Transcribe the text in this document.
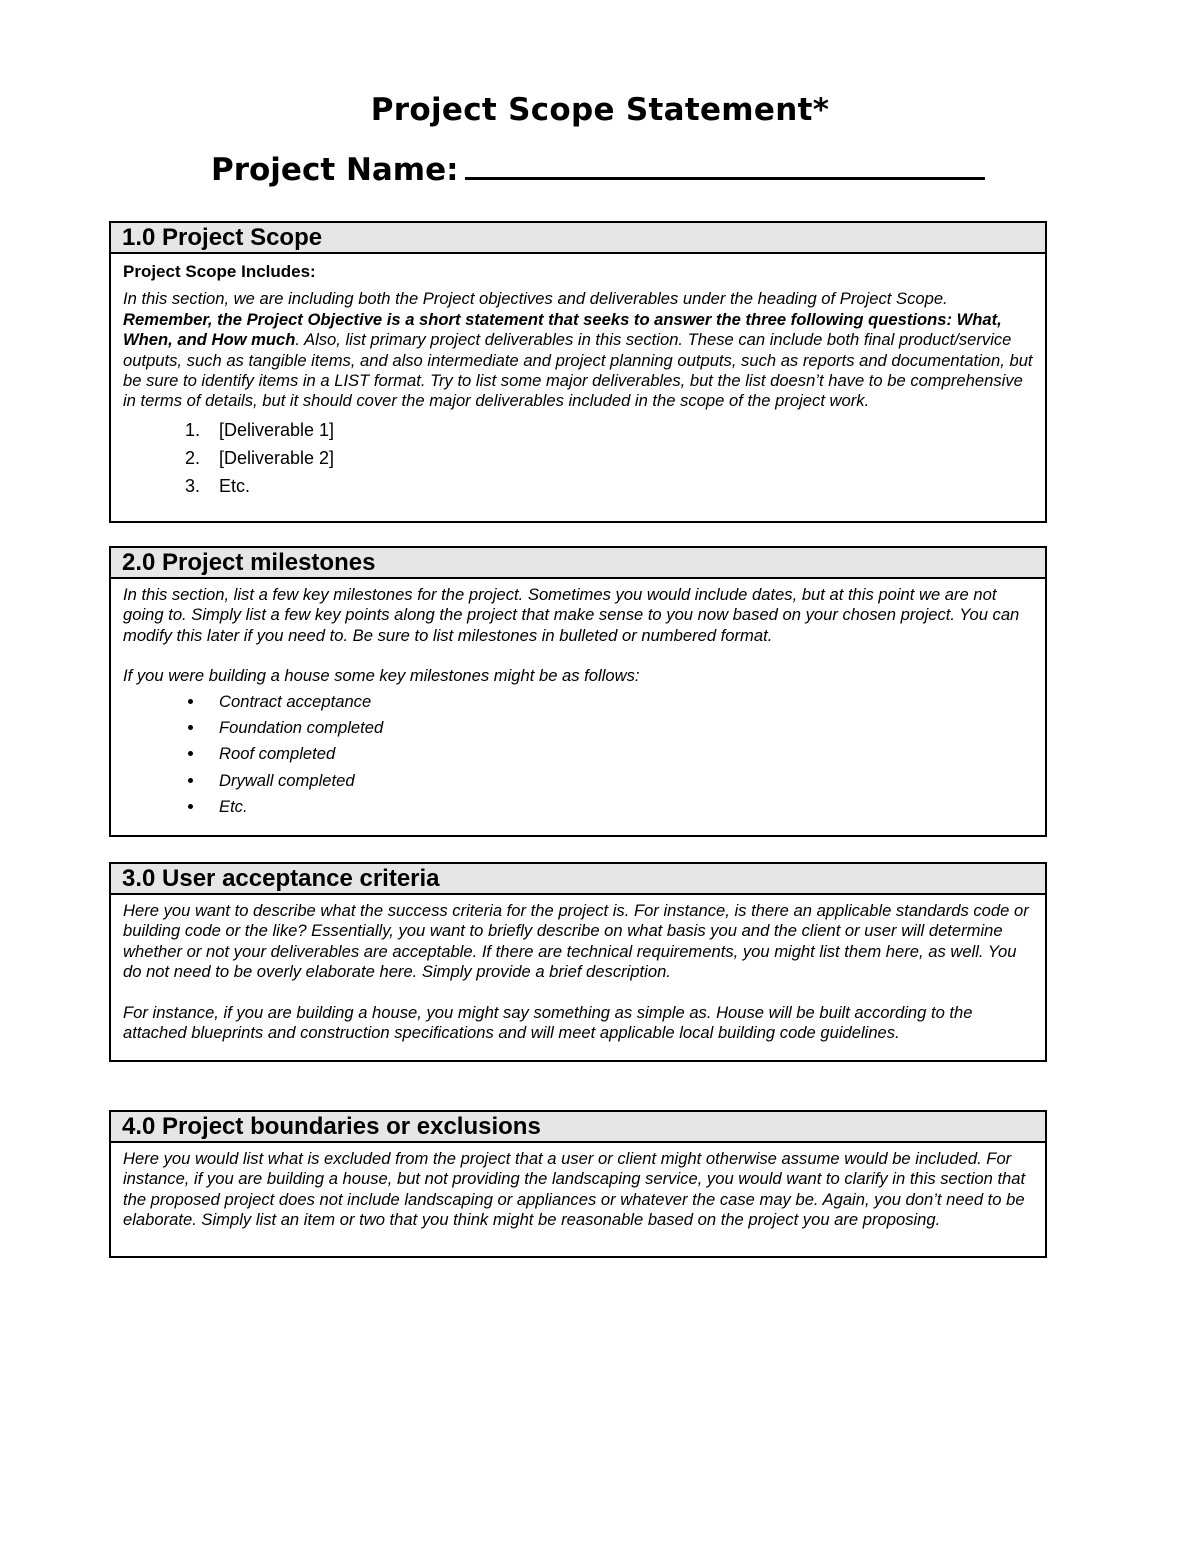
Project Scope Statement*
Project Name:
1.0 Project Scope
Project Scope Includes:
In this section, we are including both the Project objectives and deliverables under the heading of Project Scope.
Remember, the Project Objective is a short statement that seeks to answer the three following questions: What, When, and How much. Also, list primary project deliverables in this section. These can include both final product/service outputs, such as tangible items, and also intermediate and project planning outputs, such as reports and documentation, but be sure to identify items in a LIST format. Try to list some major deliverables, but the list doesn’t have to be comprehensive in terms of details, but it should cover the major deliverables included in the scope of the project work.
1. [Deliverable 1]
2. [Deliverable 2]
3. Etc.
2.0 Project milestones
In this section, list a few key milestones for the project. Sometimes you would include dates, but at this point we are not going to. Simply list a few key points along the project that make sense to you now based on your chosen project. You can modify this later if you need to. Be sure to list milestones in bulleted or numbered format.
If you were building a house some key milestones might be as follows:
• Contract acceptance
• Foundation completed
• Roof completed
• Drywall completed
• Etc.
3.0 User acceptance criteria
Here you want to describe what the success criteria for the project is. For instance, is there an applicable standards code or building code or the like? Essentially, you want to briefly describe on what basis you and the client or user will determine whether or not your deliverables are acceptable. If there are technical requirements, you might list them here, as well. You do not need to be overly elaborate here. Simply provide a brief description.
For instance, if you are building a house, you might say something as simple as. House will be built according to the attached blueprints and construction specifications and will meet applicable local building code guidelines.
4.0 Project boundaries or exclusions
Here you would list what is excluded from the project that a user or client might otherwise assume would be included. For instance, if you are building a house, but not providing the landscaping service, you would want to clarify in this section that the proposed project does not include landscaping or appliances or whatever the case may be. Again, you don’t need to be elaborate. Simply list an item or two that you think might be reasonable based on the project you are proposing.
